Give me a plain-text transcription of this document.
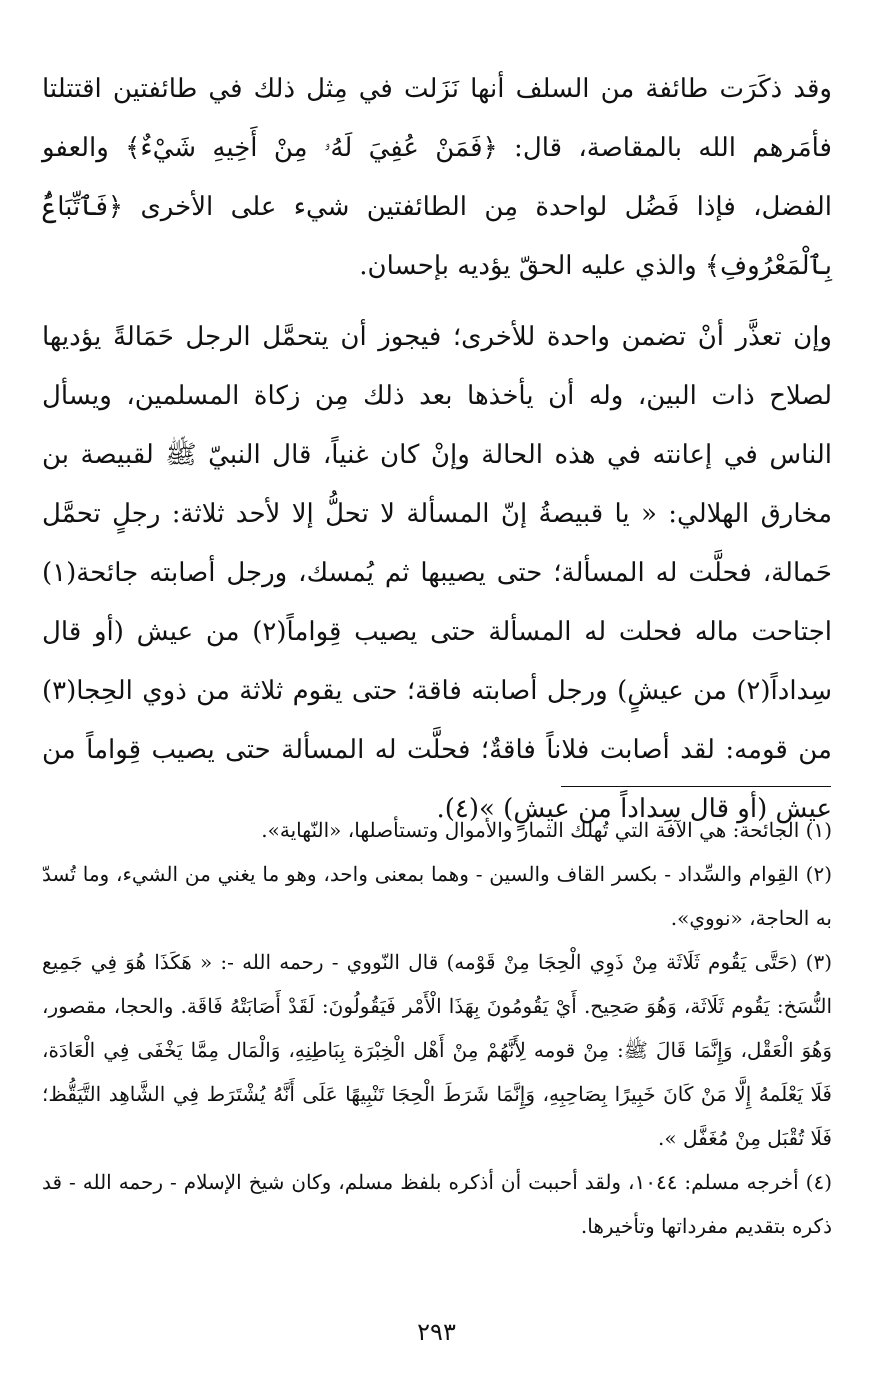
وقد ذكَرَت طائفة من السلف أنها نَزَلت في مِثل ذلك في طائفتين اقتتلتا فأمَرهم الله بالمقاصة، قال: ﴿فَمَنْ عُفِيَ لَهُۥ مِنْ أَخِيهِ شَيْءٌ﴾ والعفو الفضل، فإذا فَضُل لواحدة مِن الطائفتين شيء على الأخرى ﴿فَٱتِّبَاعٌۢ بِٱلْمَعْرُوفِ﴾ والذي عليه الحقّ يؤديه بإحسان.

وإن تعذَّر أنْ تضمن واحدة للأخرى؛ فيجوز أن يتحمَّل الرجل حَمَالةً يؤديها لصلاح ذات البين، وله أن يأخذها بعد ذلك مِن زكاة المسلمين، ويسأل الناس في إعانته في هذه الحالة وإنْ كان غنياً، قال النبيّ ﷺ لقبيصة بن مخارق الهلالي: « يا قبيصةُ إنّ المسألة لا تحلُّ إلا لأحد ثلاثة: رجلٍ تحمَّل حَمالة، فحلَّت له المسألة؛ حتى يصيبها ثم يُمسك، ورجل أصابته جائحة(١) اجتاحت ماله فحلت له المسألة حتى يصيب قِواماً(٢) من عيش (أو قال سِداداً(٢) من عيشٍ) ورجل أصابته فاقة؛ حتى يقوم ثلاثة من ذوي الحِجا(٣) من قومه: لقد أصابت فلاناً فاقةٌ؛ فحلَّت له المسألة حتى يصيب قِواماً من عيش (أو قال سِداداً من عيشٍ) »(٤).

(١) الجائحة: هي الآفة التي تُهلك الثمار والأموال وتستأصلها، «النّهاية».

(٢) القِوام والسِّداد - بكسر القاف والسين - وهما بمعنى واحد، وهو ما يغني من الشيء، وما تُسدّ به الحاجة، «نووي».

(٣) (حَتَّى يَقُوم ثَلَاثَة مِنْ ذَوِي الْحِجَا مِنْ قَوْمه) قال النّووي - رحمه الله -: « هَكَذَا هُوَ فِي جَمِيع النُّسَخ: يَقُوم ثَلَاثَة، وَهُوَ صَحِيح. أَيْ يَقُومُونَ بِهَذَا الْأَمْر فَيَقُولُونَ: لَقَدْ أَصَابَتْهُ فَاقَة. والحجا، مقصور، وَهُوَ الْعَقْل، وَإِنَّمَا قَالَ ﷺ: مِنْ قومه لِأَنَّهُمْ مِنْ أَهْل الْخِبْرَة بِبَاطِنِهِ، وَالْمَال مِمَّا يَخْفَى فِي الْعَادَة، فَلَا يَعْلَمهُ إِلَّا مَنْ كَانَ خَبِيرًا بِصَاحِبِهِ، وَإِنَّمَا شَرَطَ الْحِجَا تَنْبِيهًا عَلَى أَنَّهُ يُشْتَرَط فِي الشَّاهِد التَّيَقُّظ؛ فَلَا تُقْبَل مِنْ مُغَفَّل ».

(٤) أخرجه مسلم: ١٠٤٤، ولقد أحببت أن أذكره بلفظ مسلم، وكان شيخ الإسلام - رحمه الله - قد ذكره بتقديم مفرداتها وتأخيرها.

٢٩٣
